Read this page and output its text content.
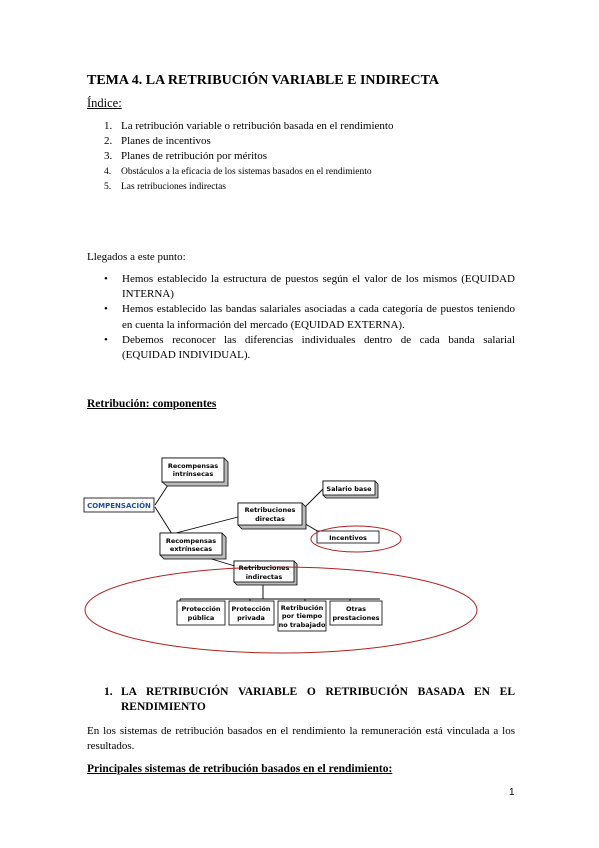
TEMA 4. LA RETRIBUCIÓN VARIABLE E INDIRECTA
Índice:
1. La retribución variable o retribución basada en el rendimiento
2. Planes de incentivos
3. Planes de retribución por méritos
4.	Obstáculos a la eficacia de los sistemas basados en el rendimiento
5.	Las retribuciones indirectas
Llegados a este punto:
•	Hemos establecido la estructura de puestos según el valor de los mismos (EQUIDAD INTERNA)
•	Hemos establecido las bandas salariales asociadas a cada categoría de puestos teniendo en cuenta la información del mercado (EQUIDAD EXTERNA).
•	Debemos reconocer las diferencias individuales dentro de cada banda salarial (EQUIDAD INDIVIDUAL).
Retribución: componentes
Recompensas
intrínsecas
COMPENSACIÓN
Recompensas
extrínsecas
Retribuciones
directas
Salario base
Incentivos
Retribuciones
indirectas
Protección
pública
Protección
privada
Retribución
por tiempo
no trabajado
Otras
prestaciones
1. LA RETRIBUCIÓN VARIABLE O RETRIBUCIÓN BASADA EN EL
RENDIMIENTO
En los sistemas de retribución basados en el rendimiento la remuneración está vinculada a los resultados.
Principales sistemas de retribución basados en el rendimiento:
1
